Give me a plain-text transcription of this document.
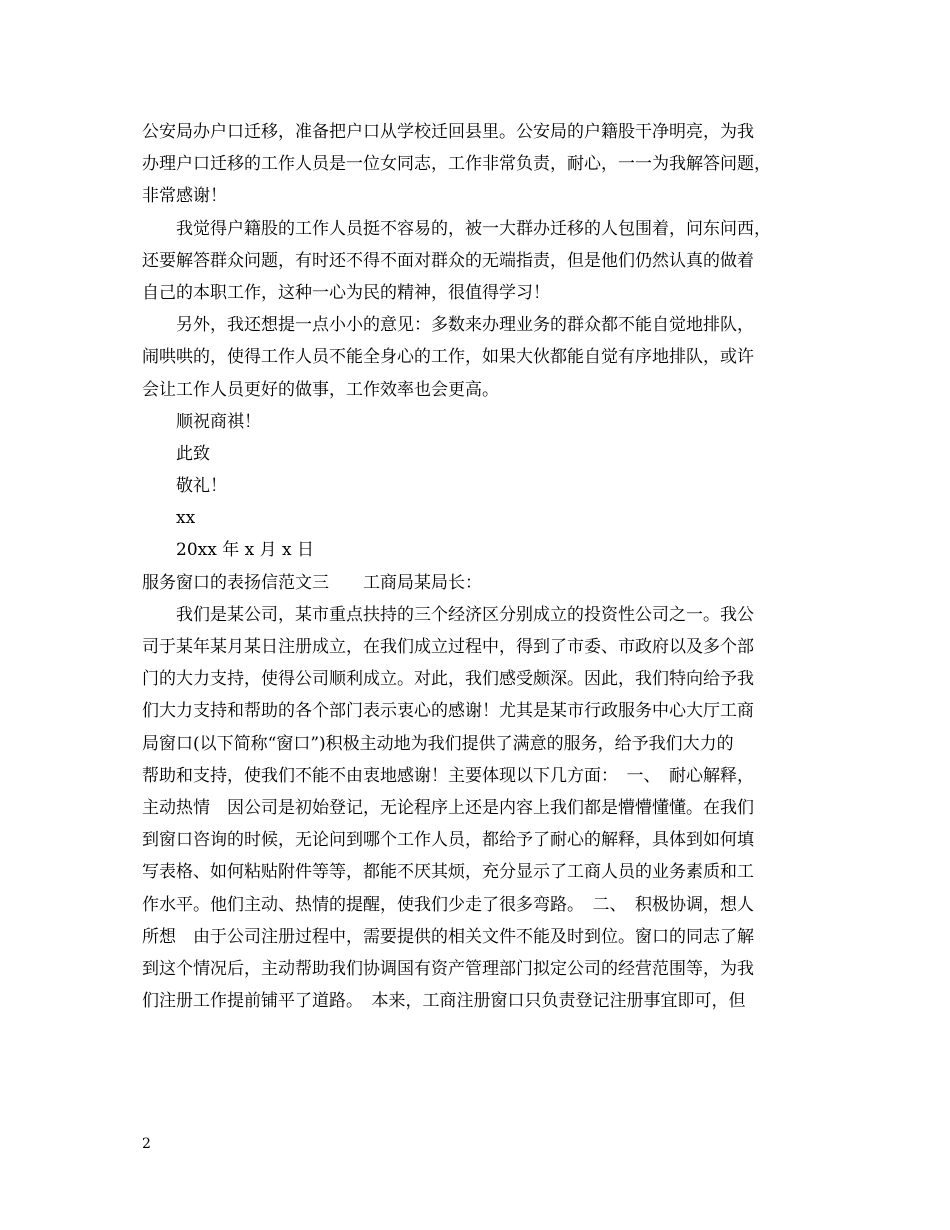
公安局办户口迁移，准备把户口从学校迁回县里。公安局的户籍股干净明亮，为我
办理户口迁移的工作人员是一位女同志，工作非常负责，耐心，一一为我解答问题，
非常感谢！
我觉得户籍股的工作人员挺不容易的，被一大群办迁移的人包围着，问东问西，
还要解答群众问题，有时还不得不面对群众的无端指责，但是他们仍然认真的做着
自己的本职工作，这种一心为民的精神，很值得学习！
另外，我还想提一点小小的意见：多数来办理业务的群众都不能自觉地排队，
闹哄哄的，使得工作人员不能全身心的工作，如果大伙都能自觉有序地排队，或许
会让工作人员更好的做事，工作效率也会更高。
顺祝商祺！
此致
敬礼！
xx
20xx 年 x 月 x 日
服务窗口的表扬信范文三　　工商局某局长：
我们是某公司，某市重点扶持的三个经济区分别成立的投资性公司之一。我公
司于某年某月某日注册成立，在我们成立过程中，得到了市委、市政府以及多个部
门的大力支持，使得公司顺利成立。对此，我们感受颇深。因此，我们特向给予我
们大力支持和帮助的各个部门表示衷心的感谢！尤其是某市行政服务中心大厅工商
局窗口(以下简称“窗口”)积极主动地为我们提供了满意的服务，给予我们大力的
帮助和支持，使我们不能不由衷地感谢！主要体现以下几方面：　一、　耐心解释，
主动热情　因公司是初始登记，无论程序上还是内容上我们都是懵懵懂懂。在我们
到窗口咨询的时候，无论问到哪个工作人员，都给予了耐心的解释，具体到如何填
写表格、如何粘贴附件等等，都能不厌其烦，充分显示了工商人员的业务素质和工
作水平。他们主动、热情的提醒，使我们少走了很多弯路。　二、　积极协调，想人
所想　由于公司注册过程中，需要提供的相关文件不能及时到位。窗口的同志了解
到这个情况后，主动帮助我们协调国有资产管理部门拟定公司的经营范围等，为我
们注册工作提前铺平了道路。　本来，工商注册窗口只负责登记注册事宜即可，但
2
